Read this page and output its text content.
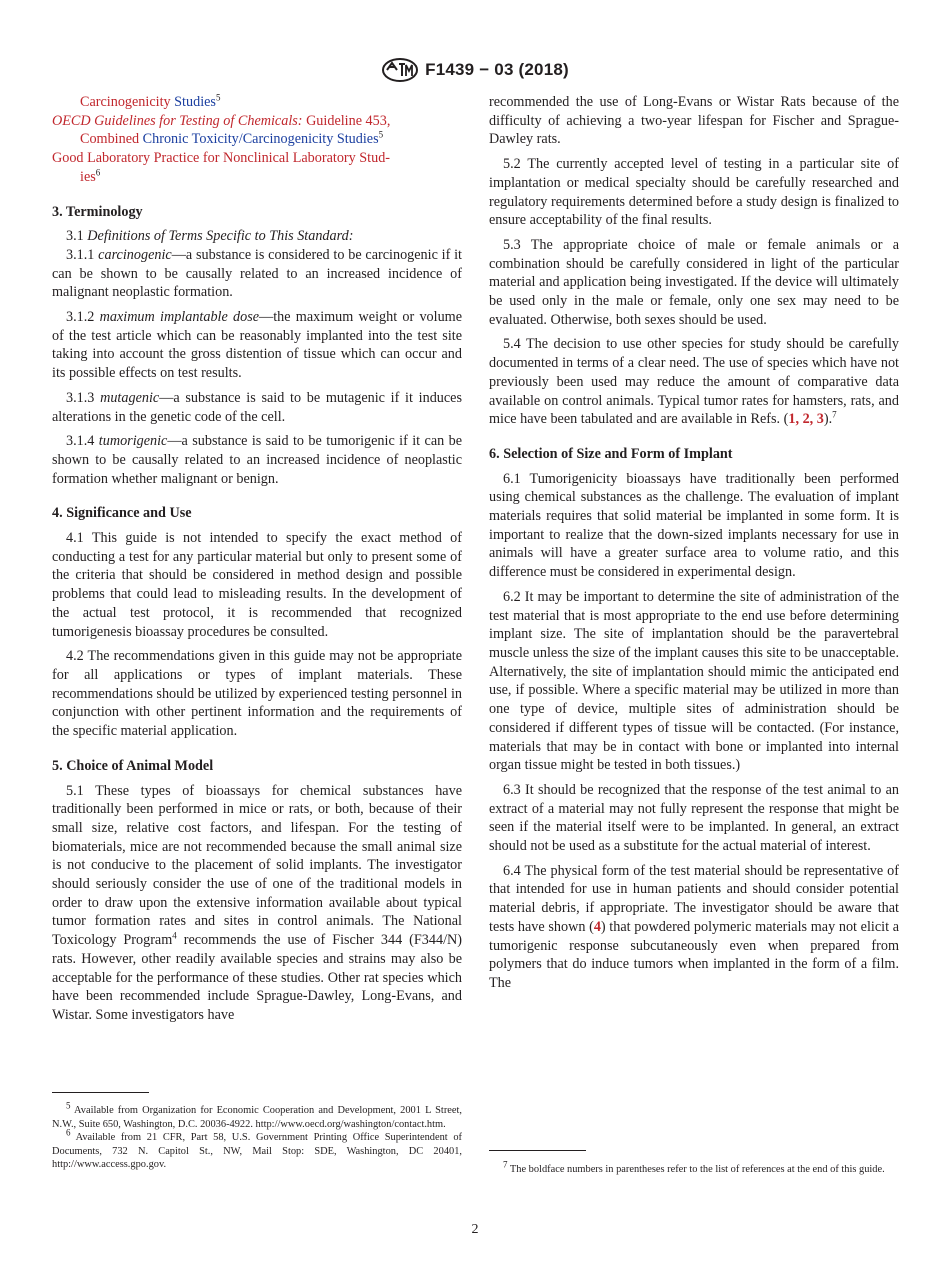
F1439 − 03 (2018)

Carcinogenicity Studies$^5$

OECD Guidelines for Testing of Chemicals: Guideline 453,

Combined Chronic Toxicity/Carcinogenicity Studies$^5$

Good Laboratory Practice for Nonclinical Laboratory Stud-

ies$^6$

3. Terminology

3.1 Definitions of Terms Specific to This Standard:

3.1.1 carcinogenic—a substance is considered to be carcinogenic if it can be shown to be causally related to an increased incidence of malignant neoplastic formation.

3.1.2 maximum implantable dose—the maximum weight or volume of the test article which can be reasonably implanted into the test site taking into account the gross distention of tissue which can occur and its possible effects on test results.

3.1.3 mutagenic—a substance is said to be mutagenic if it induces alterations in the genetic code of the cell.

3.1.4 tumorigenic—a substance is said to be tumorigenic if it can be shown to be causally related to an increased incidence of neoplastic formation whether malignant or benign.

4. Significance and Use

4.1 This guide is not intended to specify the exact method of conducting a test for any particular material but only to present some of the criteria that should be considered in method design and possible problems that could lead to misleading results. In the development of the actual test protocol, it is recommended that recognized tumorigenesis bioassay procedures be consulted.

4.2 The recommendations given in this guide may not be appropriate for all applications or types of implant materials. These recommendations should be utilized by experienced testing personnel in conjunction with other pertinent information and the requirements of the specific material application.

5. Choice of Animal Model

5.1 These types of bioassays for chemical substances have traditionally been performed in mice or rats, or both, because of their small size, relative cost factors, and lifespan. For the testing of biomaterials, mice are not recommended because the small animal size is not conducive to the placement of solid implants. The investigator should seriously consider the use of one of the traditional models in order to draw upon the extensive information available about typical tumor formation rates and sites in control animals. The National Toxicology Program$^4$ recommends the use of Fischer 344 (F344/N) rats. However, other readily available species and strains may also be acceptable for the performance of these studies. Other rat species which have been recommended include Sprague-Dawley, Long-Evans, and Wistar. Some investigators have

$^5$ Available from Organization for Economic Cooperation and Development, 2001 L Street, N.W., Suite 650, Washington, D.C. 20036-4922. http://www.oecd.org/washington/contact.htm.

$^6$ Available from 21 CFR, Part 58, U.S. Government Printing Office Superintendent of Documents, 732 N. Capitol St., NW, Mail Stop: SDE, Washington, DC 20401, http://www.access.gpo.gov.

recommended the use of Long-Evans or Wistar Rats because of the difficulty of achieving a two-year lifespan for Fischer and Sprague-Dawley rats.

5.2 The currently accepted level of testing in a particular site of implantation or medical specialty should be carefully researched and regulatory requirements determined before a study design is finalized to ensure acceptability of the final results.

5.3 The appropriate choice of male or female animals or a combination should be carefully considered in light of the particular material and application being investigated. If the device will ultimately be used only in the male or female, only one sex may need to be evaluated. Otherwise, both sexes should be used.

5.4 The decision to use other species for study should be carefully documented in terms of a clear need. The use of species which have not previously been used may reduce the amount of comparative data available on control animals. Typical tumor rates for hamsters, rats, and mice have been tabulated and are available in Refs. (1, 2, 3).$^7$

6. Selection of Size and Form of Implant

6.1 Tumorigenicity bioassays have traditionally been performed using chemical substances as the challenge. The evaluation of implant materials requires that solid material be implanted in some form. It is important to realize that the down-sized implants necessary for use in animals will have a greater surface area to volume ratio, and this difference must be considered in experimental design.

6.2 It may be important to determine the site of administration of the test material that is most appropriate to the end use before determining implant size. The site of implantation should be the paravertebral muscle unless the size of the implant causes this site to be unacceptable. Alternatively, the site of implantation should mimic the anticipated end use, if possible. Where a specific material may be utilized in more than one type of device, multiple sites of administration should be considered if different types of tissue will be contacted. (For instance, materials that may be in contact with bone or implanted into internal organ tissue might be tested in both tissues.)

6.3 It should be recognized that the response of the test animal to an extract of a material may not fully represent the response that might be seen if the material itself were to be implanted. In general, an extract should not be used as a substitute for the actual material of interest.

6.4 The physical form of the test material should be representative of that intended for use in human patients and should consider potential material debris, if appropriate. The investigator should be aware that tests have shown (4) that powdered polymeric materials may not elicit a tumorigenic response subcutaneously even when prepared from polymers that do induce tumors when implanted in the form of a film. The

$^7$ The boldface numbers in parentheses refer to the list of references at the end of this guide.

2
